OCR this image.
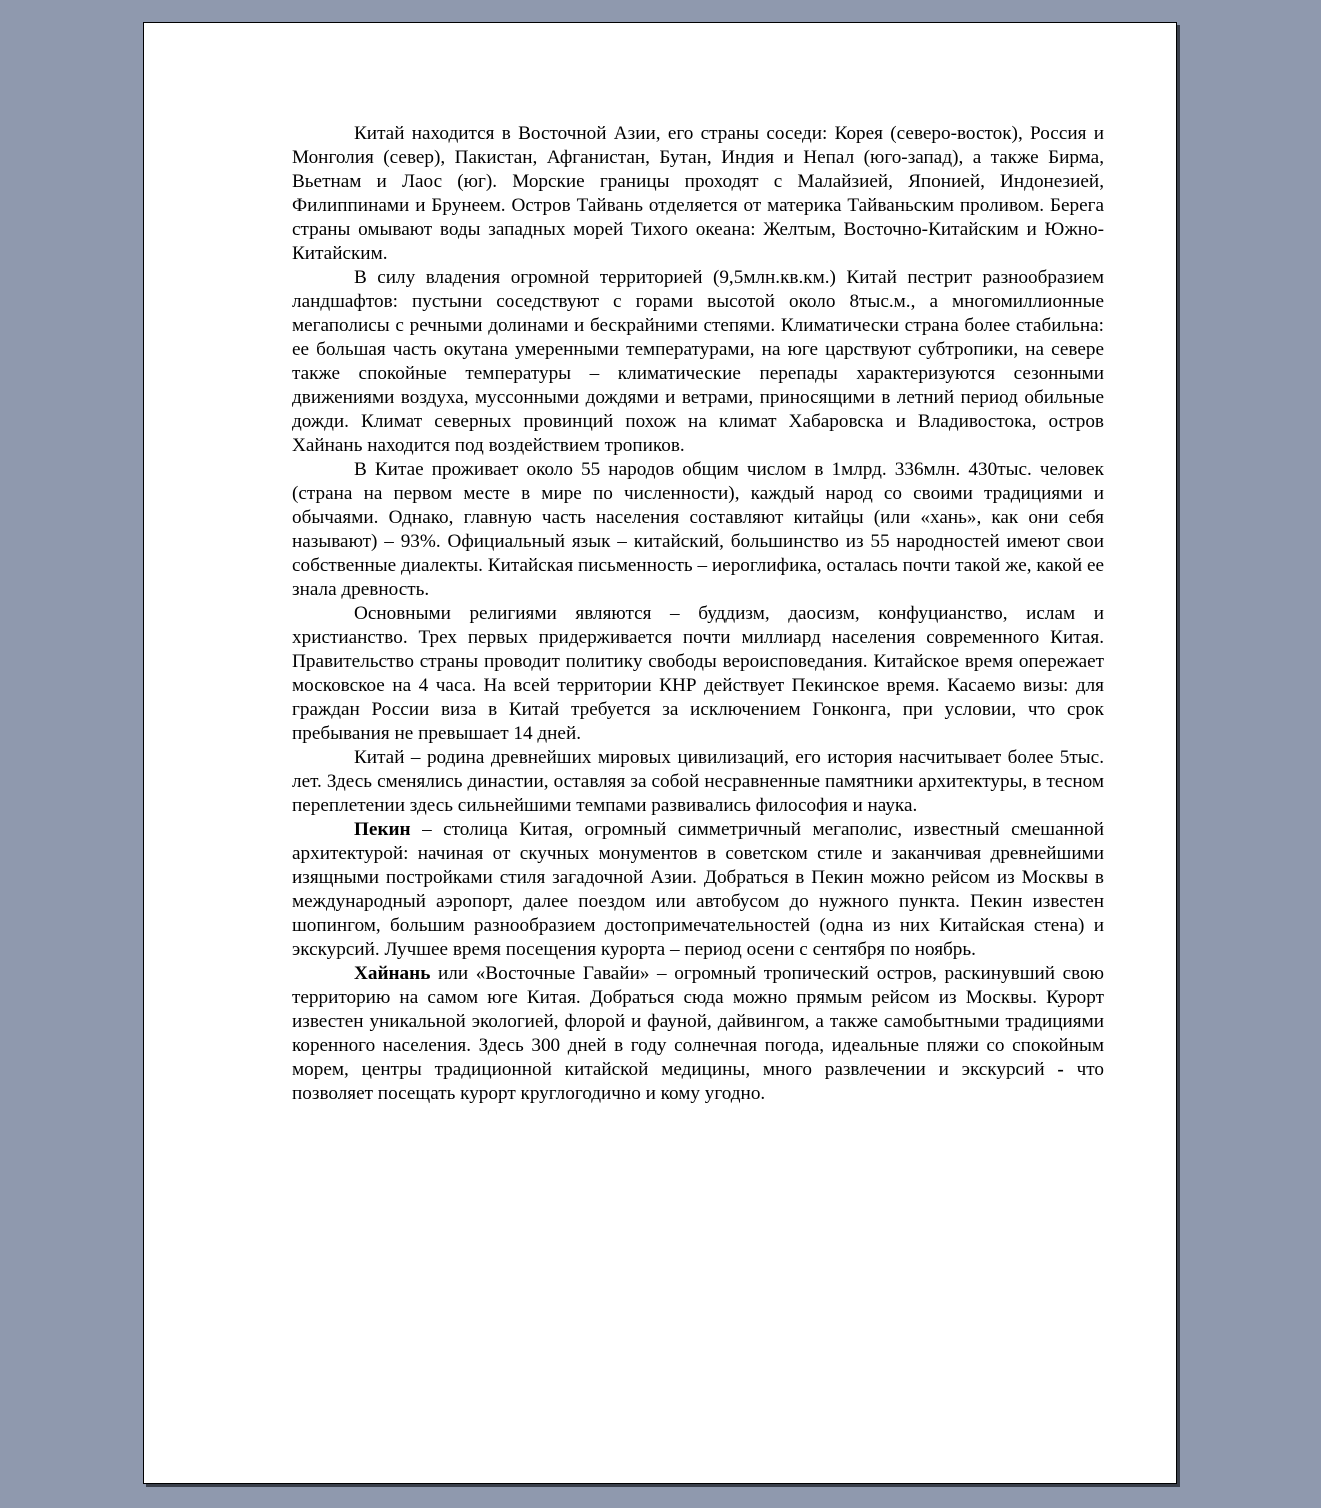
Китай находится в Восточной Азии, его страны соседи: Корея (северо-восток), Россия и Монголия (север), Пакистан, Афганистан, Бутан, Индия и Непал (юго-запад), а также Бирма, Вьетнам и Лаос (юг). Морские границы проходят с Малайзией, Японией, Индонезией, Филиппинами и Брунеем. Остров Тайвань отделяется от материка Тайваньским проливом. Берега страны омывают воды западных морей Тихого океана: Желтым, Восточно-Китайским и Южно-Китайским.

В силу владения огромной территорией (9,5млн.кв.км.) Китай пестрит разнообразием ландшафтов: пустыни соседствуют с горами высотой около 8тыс.м., а многомиллионные мегаполисы с речными долинами и бескрайними степями. Климатически страна более стабильна: ее большая часть окутана умеренными температурами, на юге царствуют субтропики, на севере также спокойные температуры – климатические перепады характеризуются сезонными движениями воздуха, муссонными дождями и ветрами, приносящими в летний период обильные дожди. Климат северных провинций похож на климат Хабаровска и Владивостока, остров Хайнань находится под воздействием тропиков.

В Китае проживает около 55 народов общим числом в 1млрд. 336млн. 430тыс. человек (страна на первом месте в мире по численности), каждый народ со своими традициями и обычаями. Однако, главную часть населения составляют китайцы (или «хань», как они себя называют) – 93%. Официальный язык – китайский, большинство из 55 народностей имеют свои собственные диалекты. Китайская письменность – иероглифика, осталась почти такой же, какой ее знала древность.

Основными религиями являются – буддизм, даосизм, конфуцианство, ислам и христианство. Трех первых придерживается почти миллиард населения современного Китая. Правительство страны проводит политику свободы вероисповедания. Китайское время опережает московское на 4 часа. На всей территории КНР действует Пекинское время. Касаемо визы: для граждан России виза в Китай требуется за исключением Гонконга, при условии, что срок пребывания не превышает 14 дней.

Китай – родина древнейших мировых цивилизаций, его история насчитывает более 5тыс. лет. Здесь сменялись династии, оставляя за собой несравненные памятники архитектуры, в тесном переплетении здесь сильнейшими темпами развивались философия и наука.

Пекин – столица Китая, огромный симметричный мегаполис, известный смешанной архитектурой: начиная от скучных монументов в советском стиле и заканчивая древнейшими изящными постройками стиля загадочной Азии. Добраться в Пекин можно рейсом из Москвы в международный аэропорт, далее поездом или автобусом до нужного пункта. Пекин известен шопингом, большим разнообразием достопримечательностей (одна из них Китайская стена) и экскурсий. Лучшее время посещения курорта – период осени с сентября по ноябрь.

Хайнань или «Восточные Гавайи» – огромный тропический остров, раскинувший свою территорию на самом юге Китая. Добраться сюда можно прямым рейсом из Москвы. Курорт известен уникальной экологией, флорой и фауной, дайвингом, а также самобытными традициями коренного населения. Здесь 300 дней в году солнечная погода, идеальные пляжи со спокойным морем, центры традиционной китайской медицины, много развлечении и экскурсий - что позволяет посещать курорт круглогодично и кому угодно.
